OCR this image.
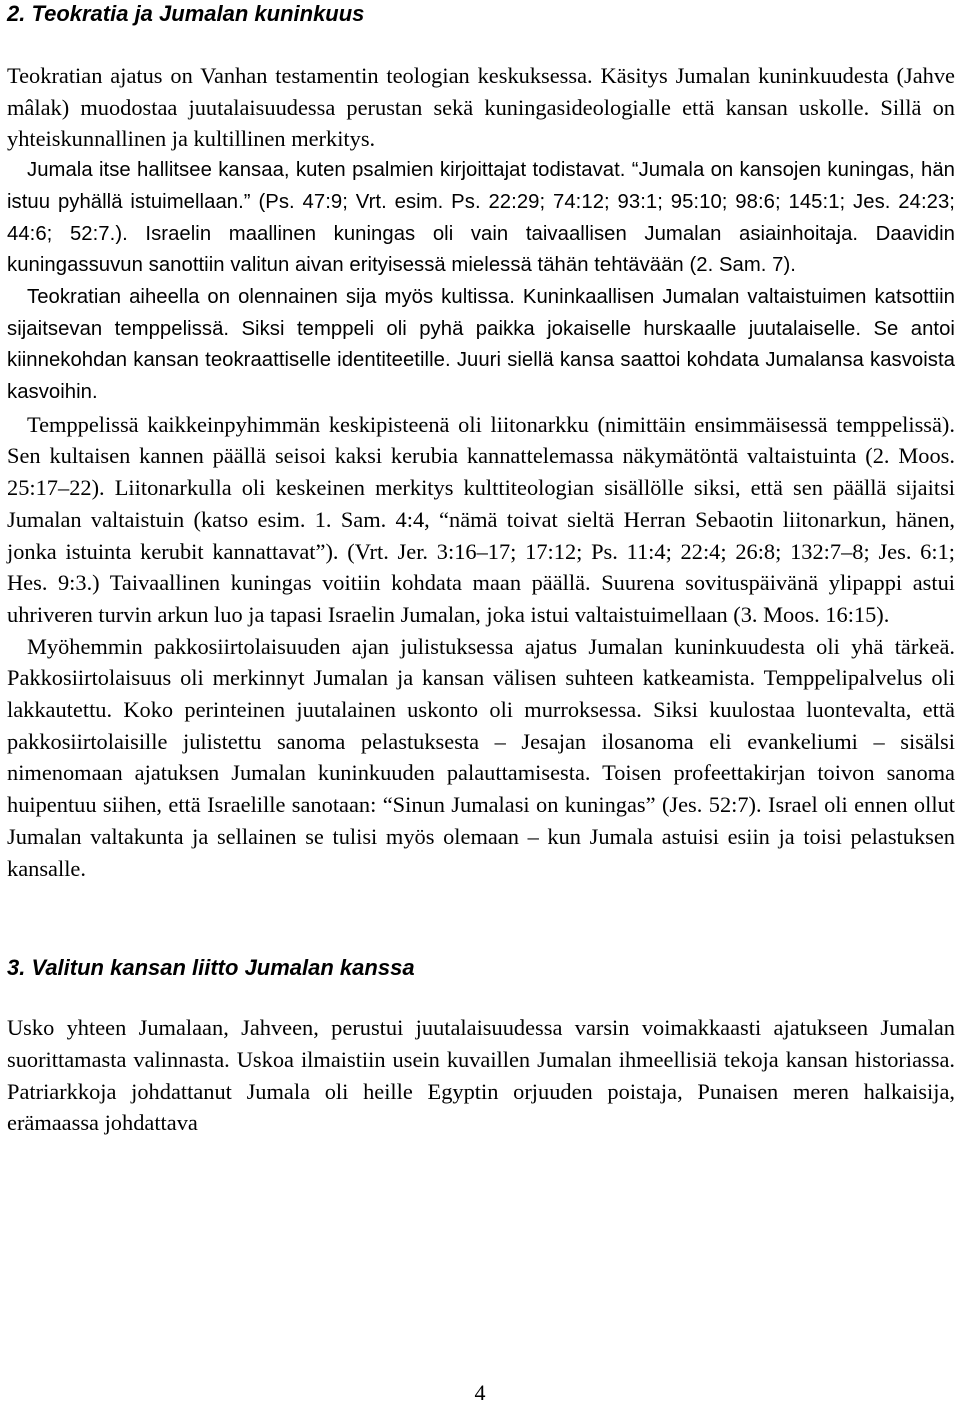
2. Teokratia ja Jumalan kuninkuus

Teokratian ajatus on Vanhan testamentin teologian keskuksessa. Käsitys Jumalan kuninkuudesta (Jahve mâlak) muodostaa juutalaisuudessa perustan sekä kuningasideologialle että kansan uskolle. Sillä on yhteiskunnallinen ja kultillinen merkitys.

Jumala itse hallitsee kansaa, kuten psalmien kirjoittajat todistavat. “Jumala on kansojen kuningas, hän istuu pyhällä istuimellaan.” (Ps. 47:9; Vrt. esim. Ps. 22:29; 74:12; 93:1; 95:10; 98:6; 145:1; Jes. 24:23; 44:6; 52:7.). Israelin maallinen kuningas oli vain taivaallisen Jumalan asiainhoitaja. Daavidin kuningassuvun sanottiin valitun aivan erityisessä mielessä tähän tehtävään (2. Sam. 7).

Teokratian aiheella on olennainen sija myös kultissa. Kuninkaallisen Jumalan valtaistuimen katsottiin sijaitsevan temppelissä. Siksi temppeli oli pyhä paikka jokaiselle hurskaalle juutalaiselle. Se antoi kiinnekohdan kansan teokraattiselle identiteetille. Juuri siellä kansa saattoi kohdata Jumalansa kasvoista kasvoihin.

Temppelissä kaikkeinpyhimmän keskipisteenä oli liitonarkku (nimittäin ensimmäisessä temppelissä). Sen kultaisen kannen päällä seisoi kaksi kerubia kannattelemassa näkymätöntä valtaistuinta (2. Moos. 25:17–22). Liitonarkulla oli keskeinen merkitys kulttiteologian sisällölle siksi, että sen päällä sijaitsi Jumalan valtaistuin (katso esim. 1. Sam. 4:4, “nämä toivat sieltä Herran Sebaotin liitonarkun, hänen, jonka istuinta kerubit kannattavat”). (Vrt. Jer. 3:16–17; 17:12; Ps. 11:4; 22:4; 26:8; 132:7–8; Jes. 6:1; Hes. 9:3.) Taivaallinen kuningas voitiin kohdata maan päällä. Suurena sovituspäivänä ylipappi astui uhriveren turvin arkun luo ja tapasi Israelin Jumalan, joka istui valtaistuimellaan (3. Moos. 16:15).

Myöhemmin pakkosiirtolaisuuden ajan julistuksessa ajatus Jumalan kuninkuudesta oli yhä tärkeä. Pakkosiirtolaisuus oli merkinnyt Jumalan ja kansan välisen suhteen katkeamista. Temppelipalvelus oli lakkautettu. Koko perinteinen juutalainen uskonto oli murroksessa. Siksi kuulostaa luontevalta, että pakkosiirtolaisille julistettu sanoma pelastuksesta – Jesajan ilosanoma eli evankeliumi – sisälsi nimenomaan ajatuksen Jumalan kuninkuuden palauttamisesta. Toisen profeettakirjan toivon sanoma huipentuu siihen, että Israelille sanotaan: “Sinun Jumalasi on kuningas” (Jes. 52:7). Israel oli ennen ollut Jumalan valtakunta ja sellainen se tulisi myös olemaan – kun Jumala astuisi esiin ja toisi pelastuksen kansalle.

3. Valitun kansan liitto Jumalan kanssa

Usko yhteen Jumalaan, Jahveen, perustui juutalaisuudessa varsin voimakkaasti ajatukseen Jumalan suorittamasta valinnasta. Uskoa ilmaistiin usein kuvaillen Jumalan ihmeellisiä tekoja kansan historiassa. Patriarkkoja johdattanut Jumala oli heille Egyptin orjuuden poistaja, Punaisen meren halkaisija, erämaassa johdattava

4
